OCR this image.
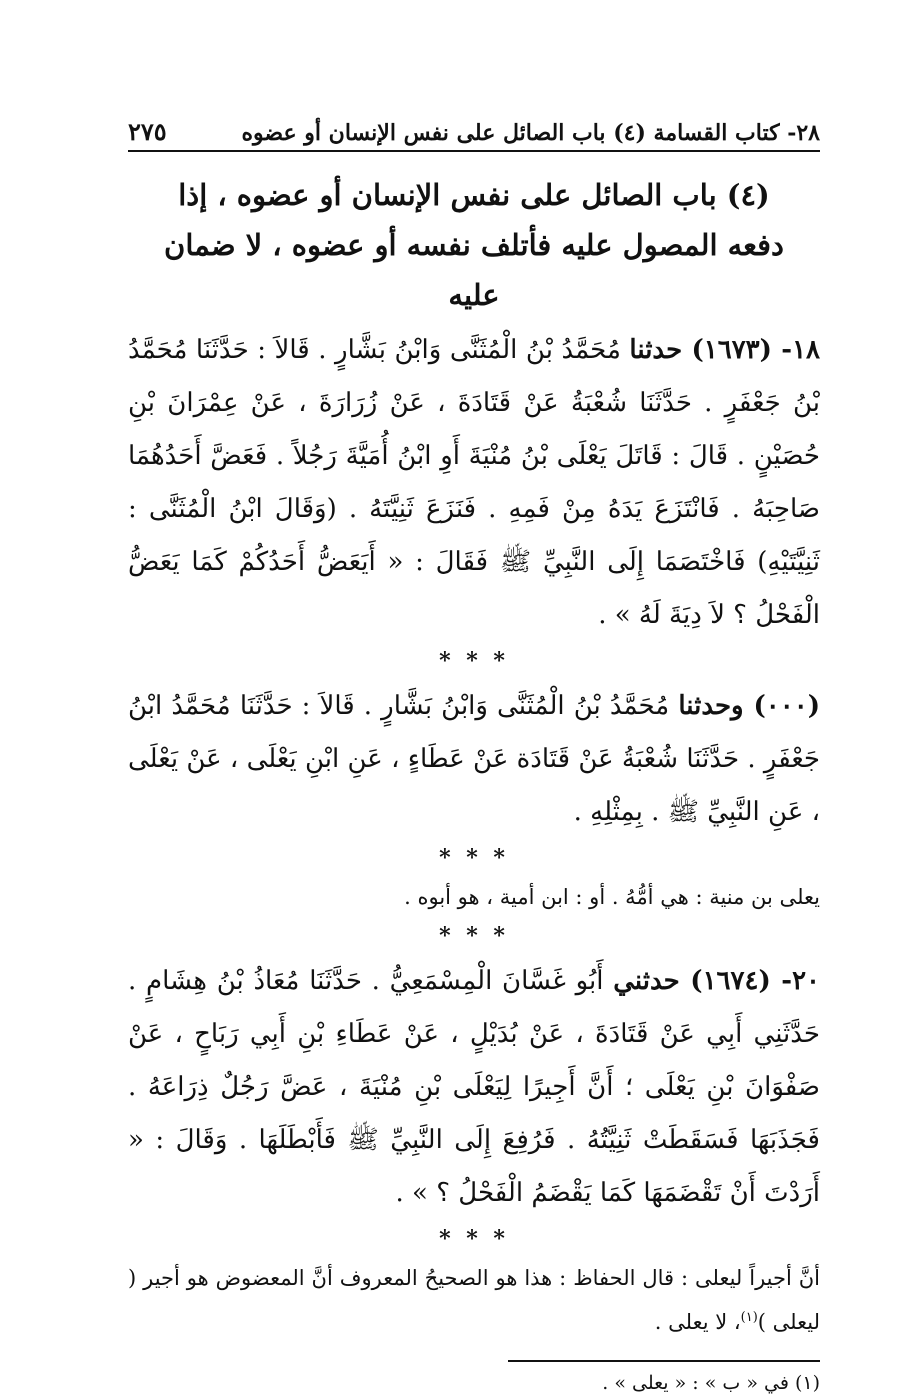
٢٨- كتاب القسامة (٤) باب الصائل على نفس الإنسان أو عضوه
٢٧٥

(٤) باب الصائل على نفس الإنسان أو عضوه ، إذا دفعه المصول عليه فأتلف نفسه أو عضوه ، لا ضمان عليه

١٨- (١٦٧٣) حدثنا مُحَمَّدُ بْنُ الْمُثَنَّى وَابْنُ بَشَّارٍ . قَالاَ : حَدَّثَنَا مُحَمَّدُ بْنُ جَعْفَرٍ . حَدَّثَنَا شُعْبَةُ عَنْ قَتَادَةَ ، عَنْ زُرَارَةَ ، عَنْ عِمْرَانَ بْنِ حُصَيْنٍ . قَالَ : قَاتَلَ يَعْلَى بْنُ مُنْيَةَ أَوِ ابْنُ أُمَيَّةَ رَجُلاً . فَعَضَّ أَحَدُهُمَا صَاحِبَهُ . فَانْتَزَعَ يَدَهُ مِنْ فَمِهِ . فَنَزَعَ ثَنِيَّتَهُ . (وَقَالَ ابْنُ الْمُثَنَّى : ثَنِيَّتَيْهِ) فَاخْتَصَمَا إِلَى النَّبِيِّ ﷺ فَقَالَ : « أَيَعَضُّ أَحَدُكُمْ كَمَا يَعَضُّ الْفَحْلُ ؟ لاَ دِيَةَ لَهُ » .

* * *

(٠٠٠) وحدثنا مُحَمَّدُ بْنُ الْمُثَنَّى وَابْنُ بَشَّارٍ . قَالاَ : حَدَّثَنَا مُحَمَّدُ ابْنُ جَعْفَرٍ . حَدَّثَنَا شُعْبَةُ عَنْ قَتَادَة عَنْ عَطَاءٍ ، عَنِ ابْنِ يَعْلَى ، عَنْ يَعْلَى ، عَنِ النَّبِيِّ ﷺ . بِمِثْلِهِ .

* * *

يعلى بن منية : هي أمُّهُ . أو : ابن أمية ، هو أبوه .

* * *

٢٠- (١٦٧٤) حدثني أَبُو غَسَّانَ الْمِسْمَعِيُّ . حَدَّثَنَا مُعَاذُ بْنُ هِشَامٍ . حَدَّثَنِي أَبِي عَنْ قَتَادَةَ ، عَنْ بُدَيْلٍ ، عَنْ عَطَاءِ بْنِ أَبِي رَبَاحٍ ، عَنْ صَفْوَانَ بْنِ يَعْلَى ؛ أَنَّ أَجِيرًا لِيَعْلَى بْنِ مُنْيَةَ ، عَضَّ رَجُلٌ ذِرَاعَهُ . فَجَذَبَهَا فَسَقَطَتْ ثَنِيَّتُهُ . فَرُفِعَ إِلَى النَّبِيِّ ﷺ فَأَبْطَلَهَا . وَقَالَ : « أَرَدْتَ أَنْ تَقْضَمَهَا كَمَا يَقْضَمُ الْفَحْلُ ؟ » .

* * *

أنَّ أجيراً ليعلى : قال الحفاظ : هذا هو الصحيحُ المعروف أنَّ المعضوض هو أجير ( ليعلى )$^{(١)}$، لا يعلى .

(١) في « ب » : « يعلى » .
